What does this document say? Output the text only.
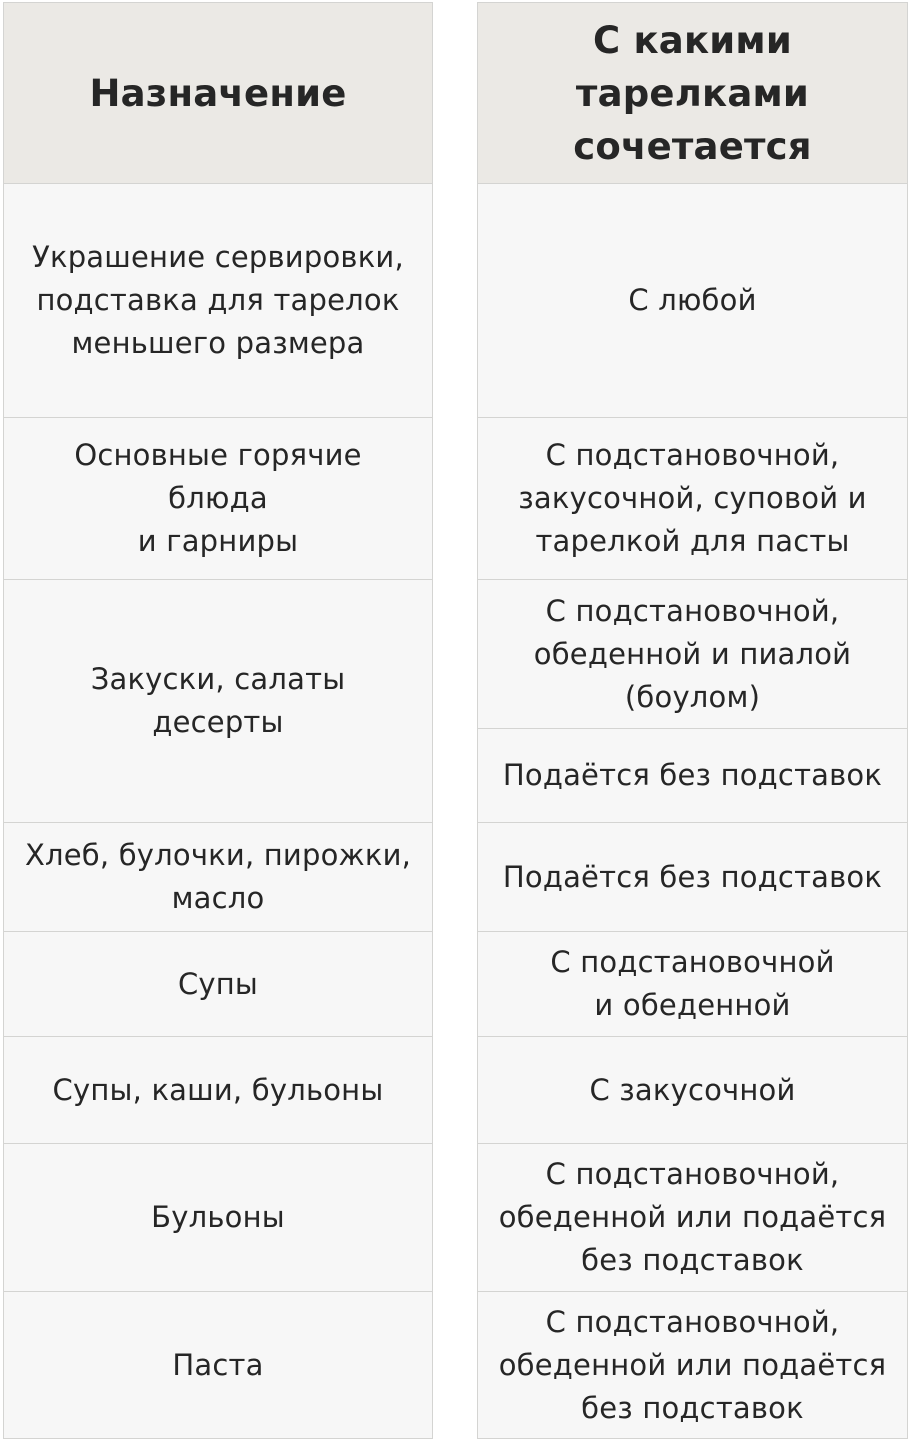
Назначение
Украшение сервировки,
подставка для тарелок
меньшего размера
Основные горячие блюда
и гарниры
Закуски, салаты
десерты
Хлеб, булочки, пирожки,
масло
Супы
Супы, каши, бульоны
Бульоны
Паста
С какими
тарелками
сочетается
С любой
С подстановочной,
закусочной, суповой и
тарелкой для пасты
С подстановочной,
обеденной и пиалой
(боулом)
Подаётся без подставок
Подаётся без подставок
С подстановочной
и обеденной
С закусочной
С подстановочной,
обеденной или подаётся
без подставок
С подстановочной,
обеденной или подаётся
без подставок
